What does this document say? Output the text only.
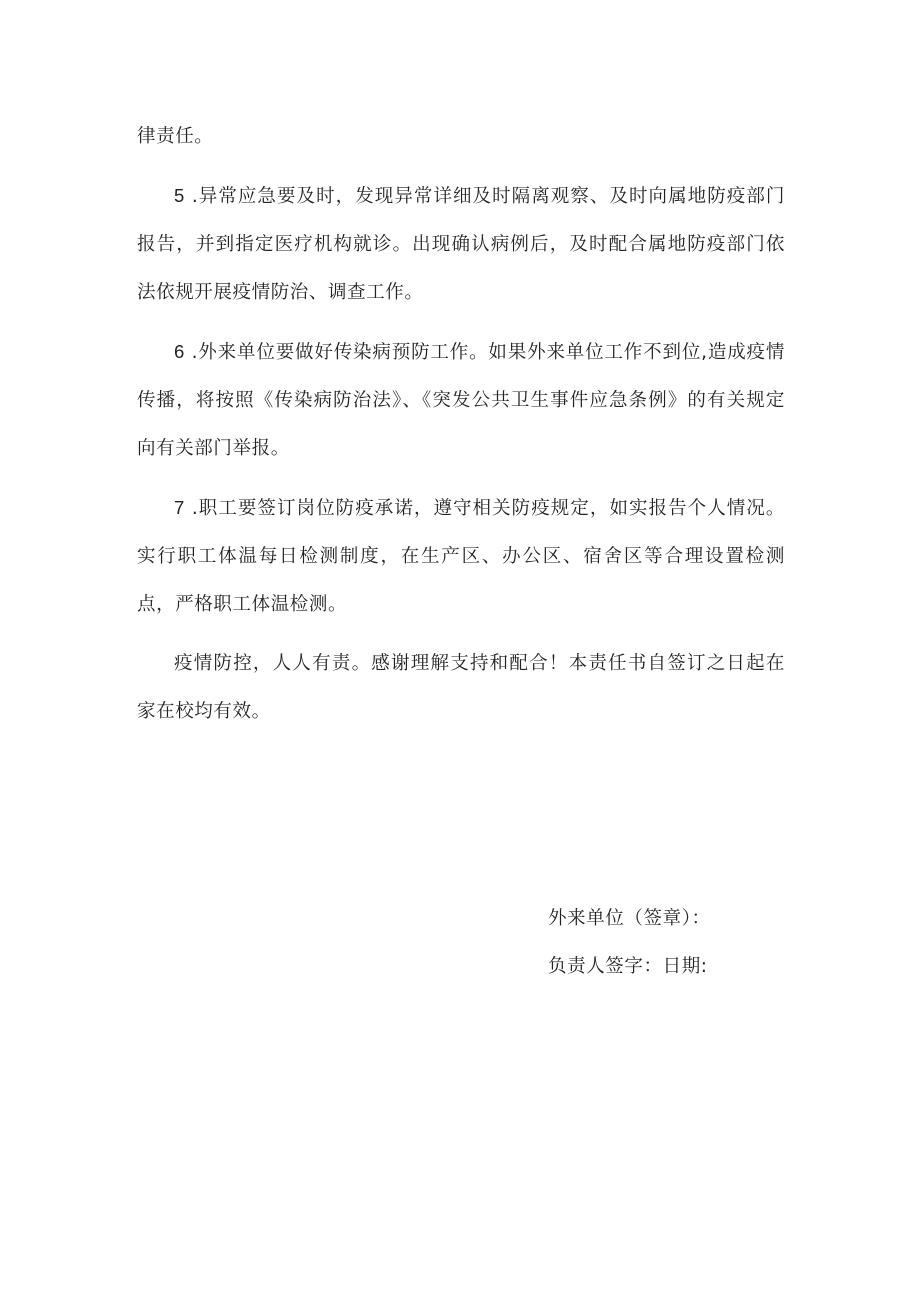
律责任。

5 .异常应急要及时，发现异常详细及时隔离观察、及时向属地防疫部门报告，并到指定医疗机构就诊。出现确认病例后，及时配合属地防疫部门依法依规开展疫情防治、调查工作。

6 .外来单位要做好传染病预防工作。如果外来单位工作不到位,造成疫情传播，将按照《传染病防治法》、《突发公共卫生事件应急条例》的有关规定向有关部门举报。

7 .职工要签订岗位防疫承诺，遵守相关防疫规定，如实报告个人情况。实行职工体温每日检测制度，在生产区、办公区、宿舍区等合理设置检测点，严格职工体温检测。

疫情防控，人人有责。感谢理解支持和配合！本责任书自签订之日起在家在校均有效。

外来单位（签章）：
负责人签字：日期:
